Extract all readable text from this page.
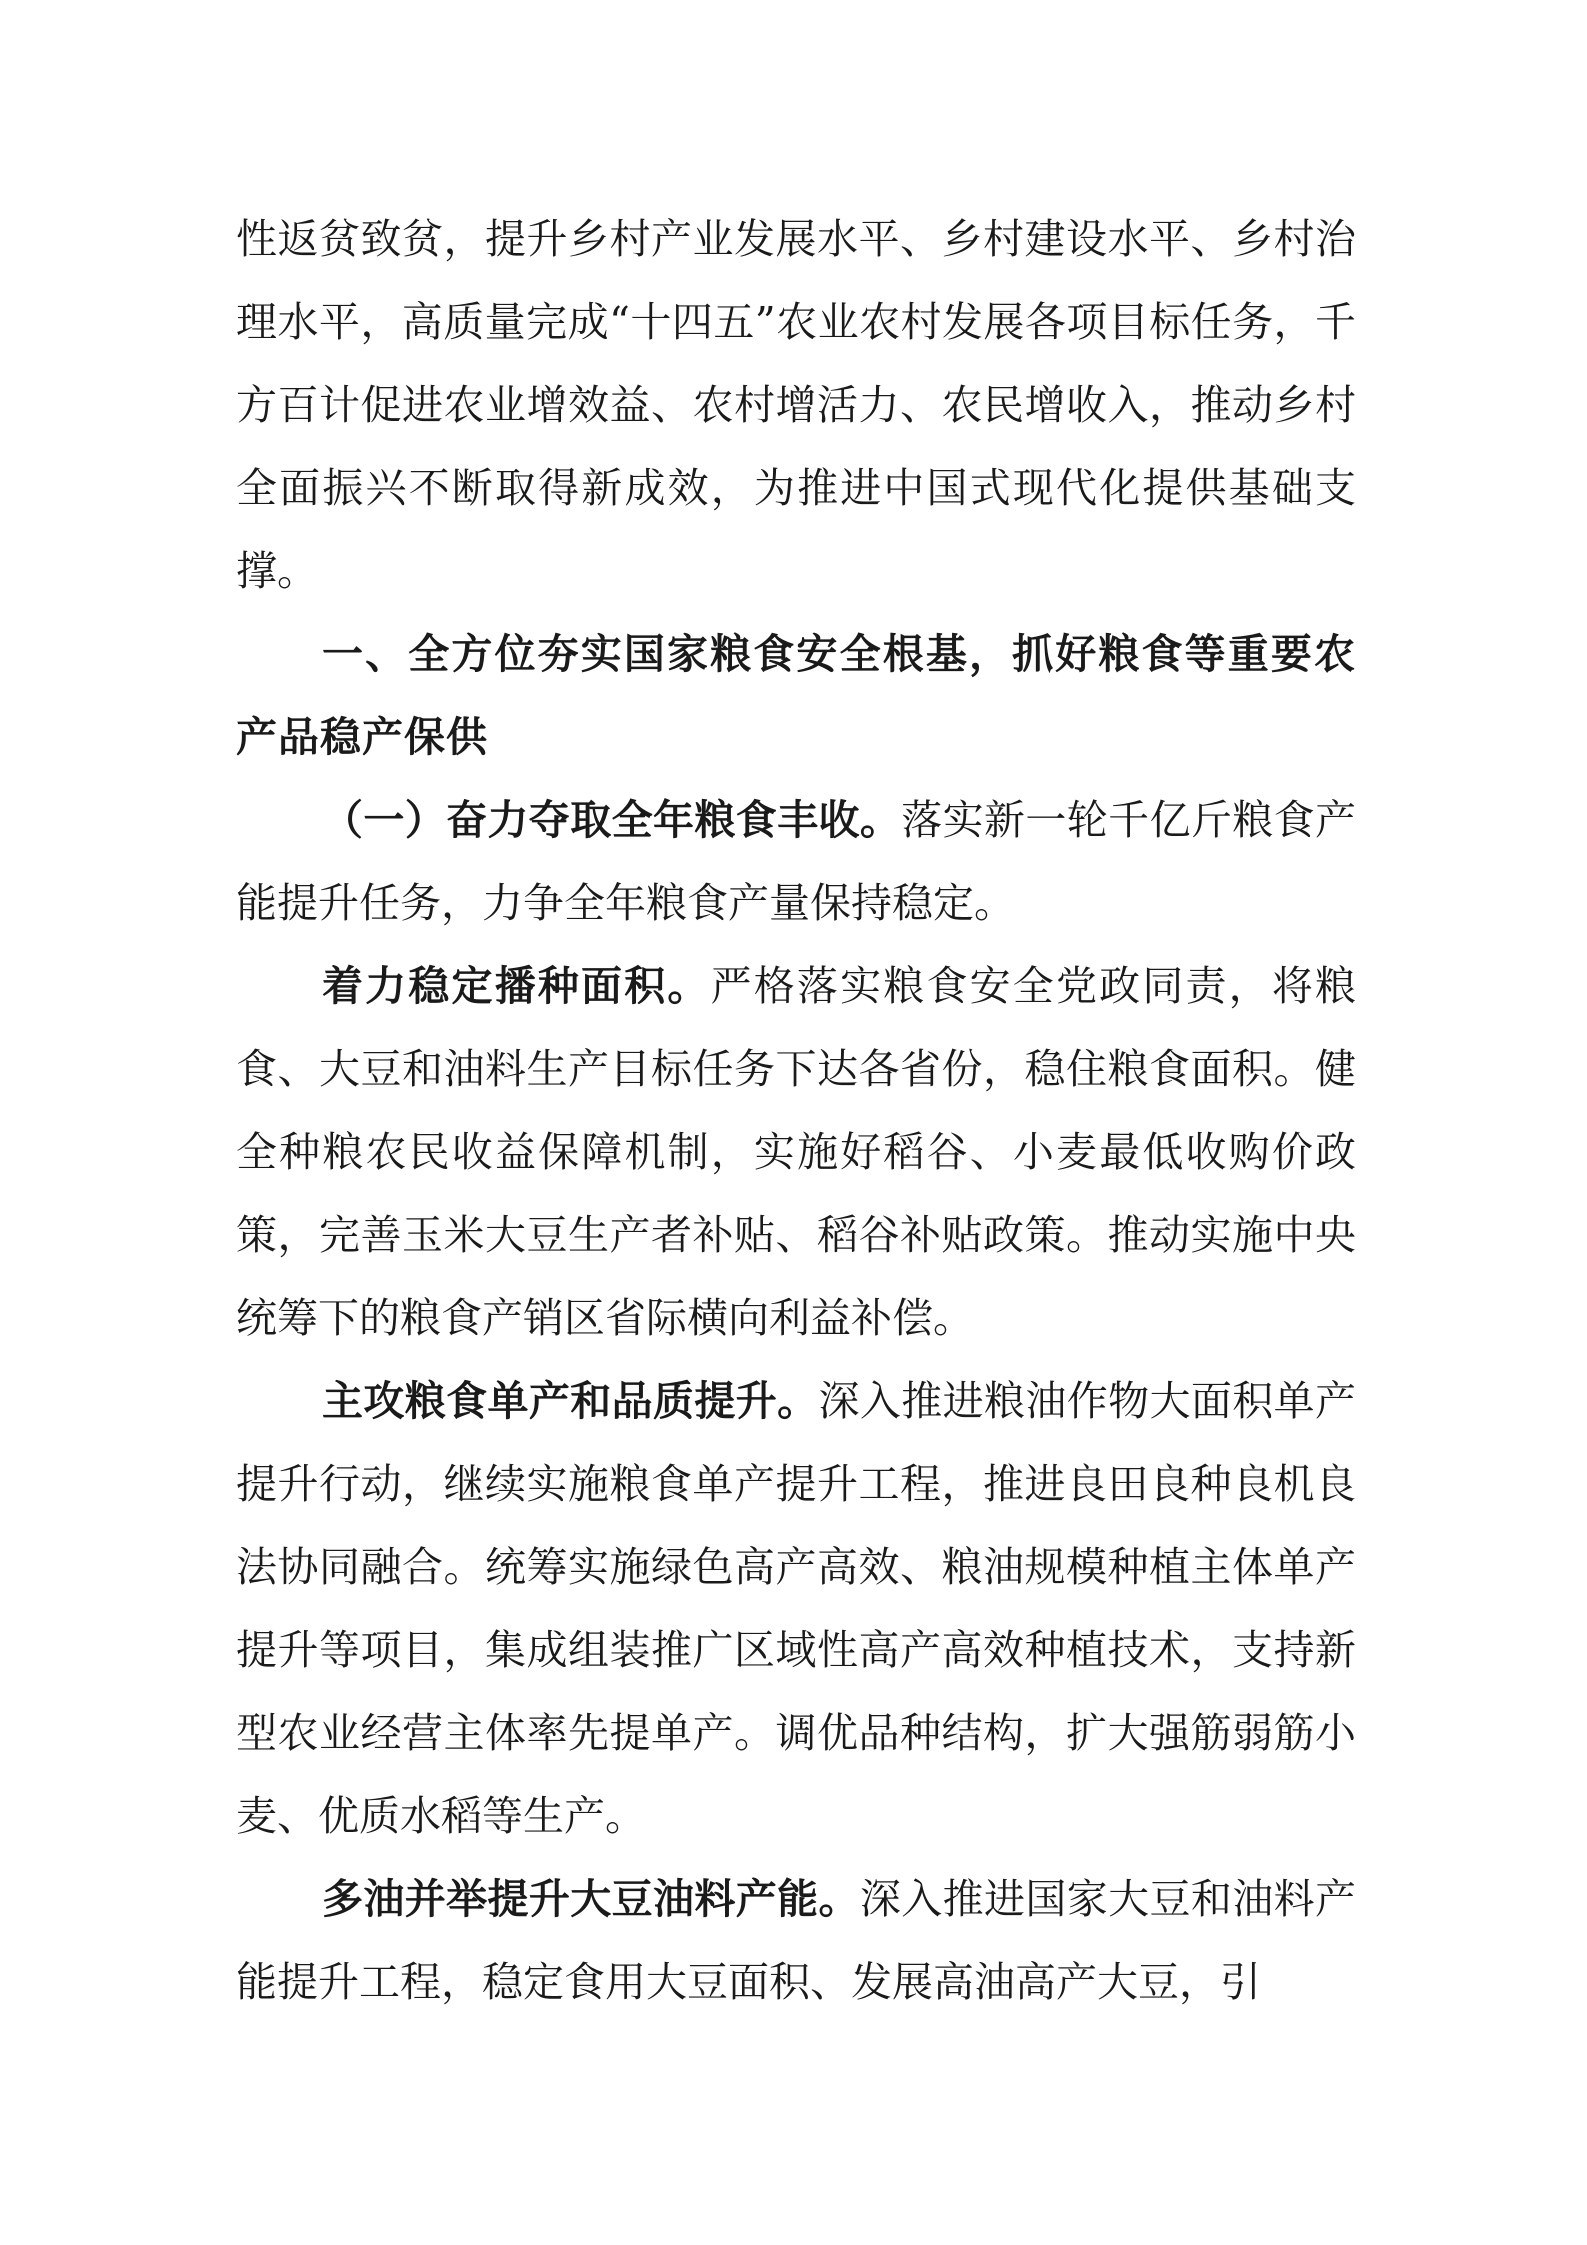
性返贫致贫，提升乡村产业发展水平、乡村建设水平、乡村治理水平，高质量完成“十四五”农业农村发展各项目标任务，千方百计促进农业增效益、农村增活力、农民增收入，推动乡村全面振兴不断取得新成效，为推进中国式现代化提供基础支撑。

一、全方位夯实国家粮食安全根基，抓好粮食等重要农产品稳产保供

（一）奋力夺取全年粮食丰收。落实新一轮千亿斤粮食产能提升任务，力争全年粮食产量保持稳定。

着力稳定播种面积。严格落实粮食安全党政同责，将粮食、大豆和油料生产目标任务下达各省份，稳住粮食面积。健全种粮农民收益保障机制，实施好稻谷、小麦最低收购价政策，完善玉米大豆生产者补贴、稻谷补贴政策。推动实施中央统筹下的粮食产销区省际横向利益补偿。

主攻粮食单产和品质提升。深入推进粮油作物大面积单产提升行动，继续实施粮食单产提升工程，推进良田良种良机良法协同融合。统筹实施绿色高产高效、粮油规模种植主体单产提升等项目，集成组装推广区域性高产高效种植技术，支持新型农业经营主体率先提单产。调优品种结构，扩大强筋弱筋小麦、优质水稻等生产。

多油并举提升大豆油料产能。深入推进国家大豆和油料产能提升工程，稳定食用大豆面积、发展高油高产大豆，引
